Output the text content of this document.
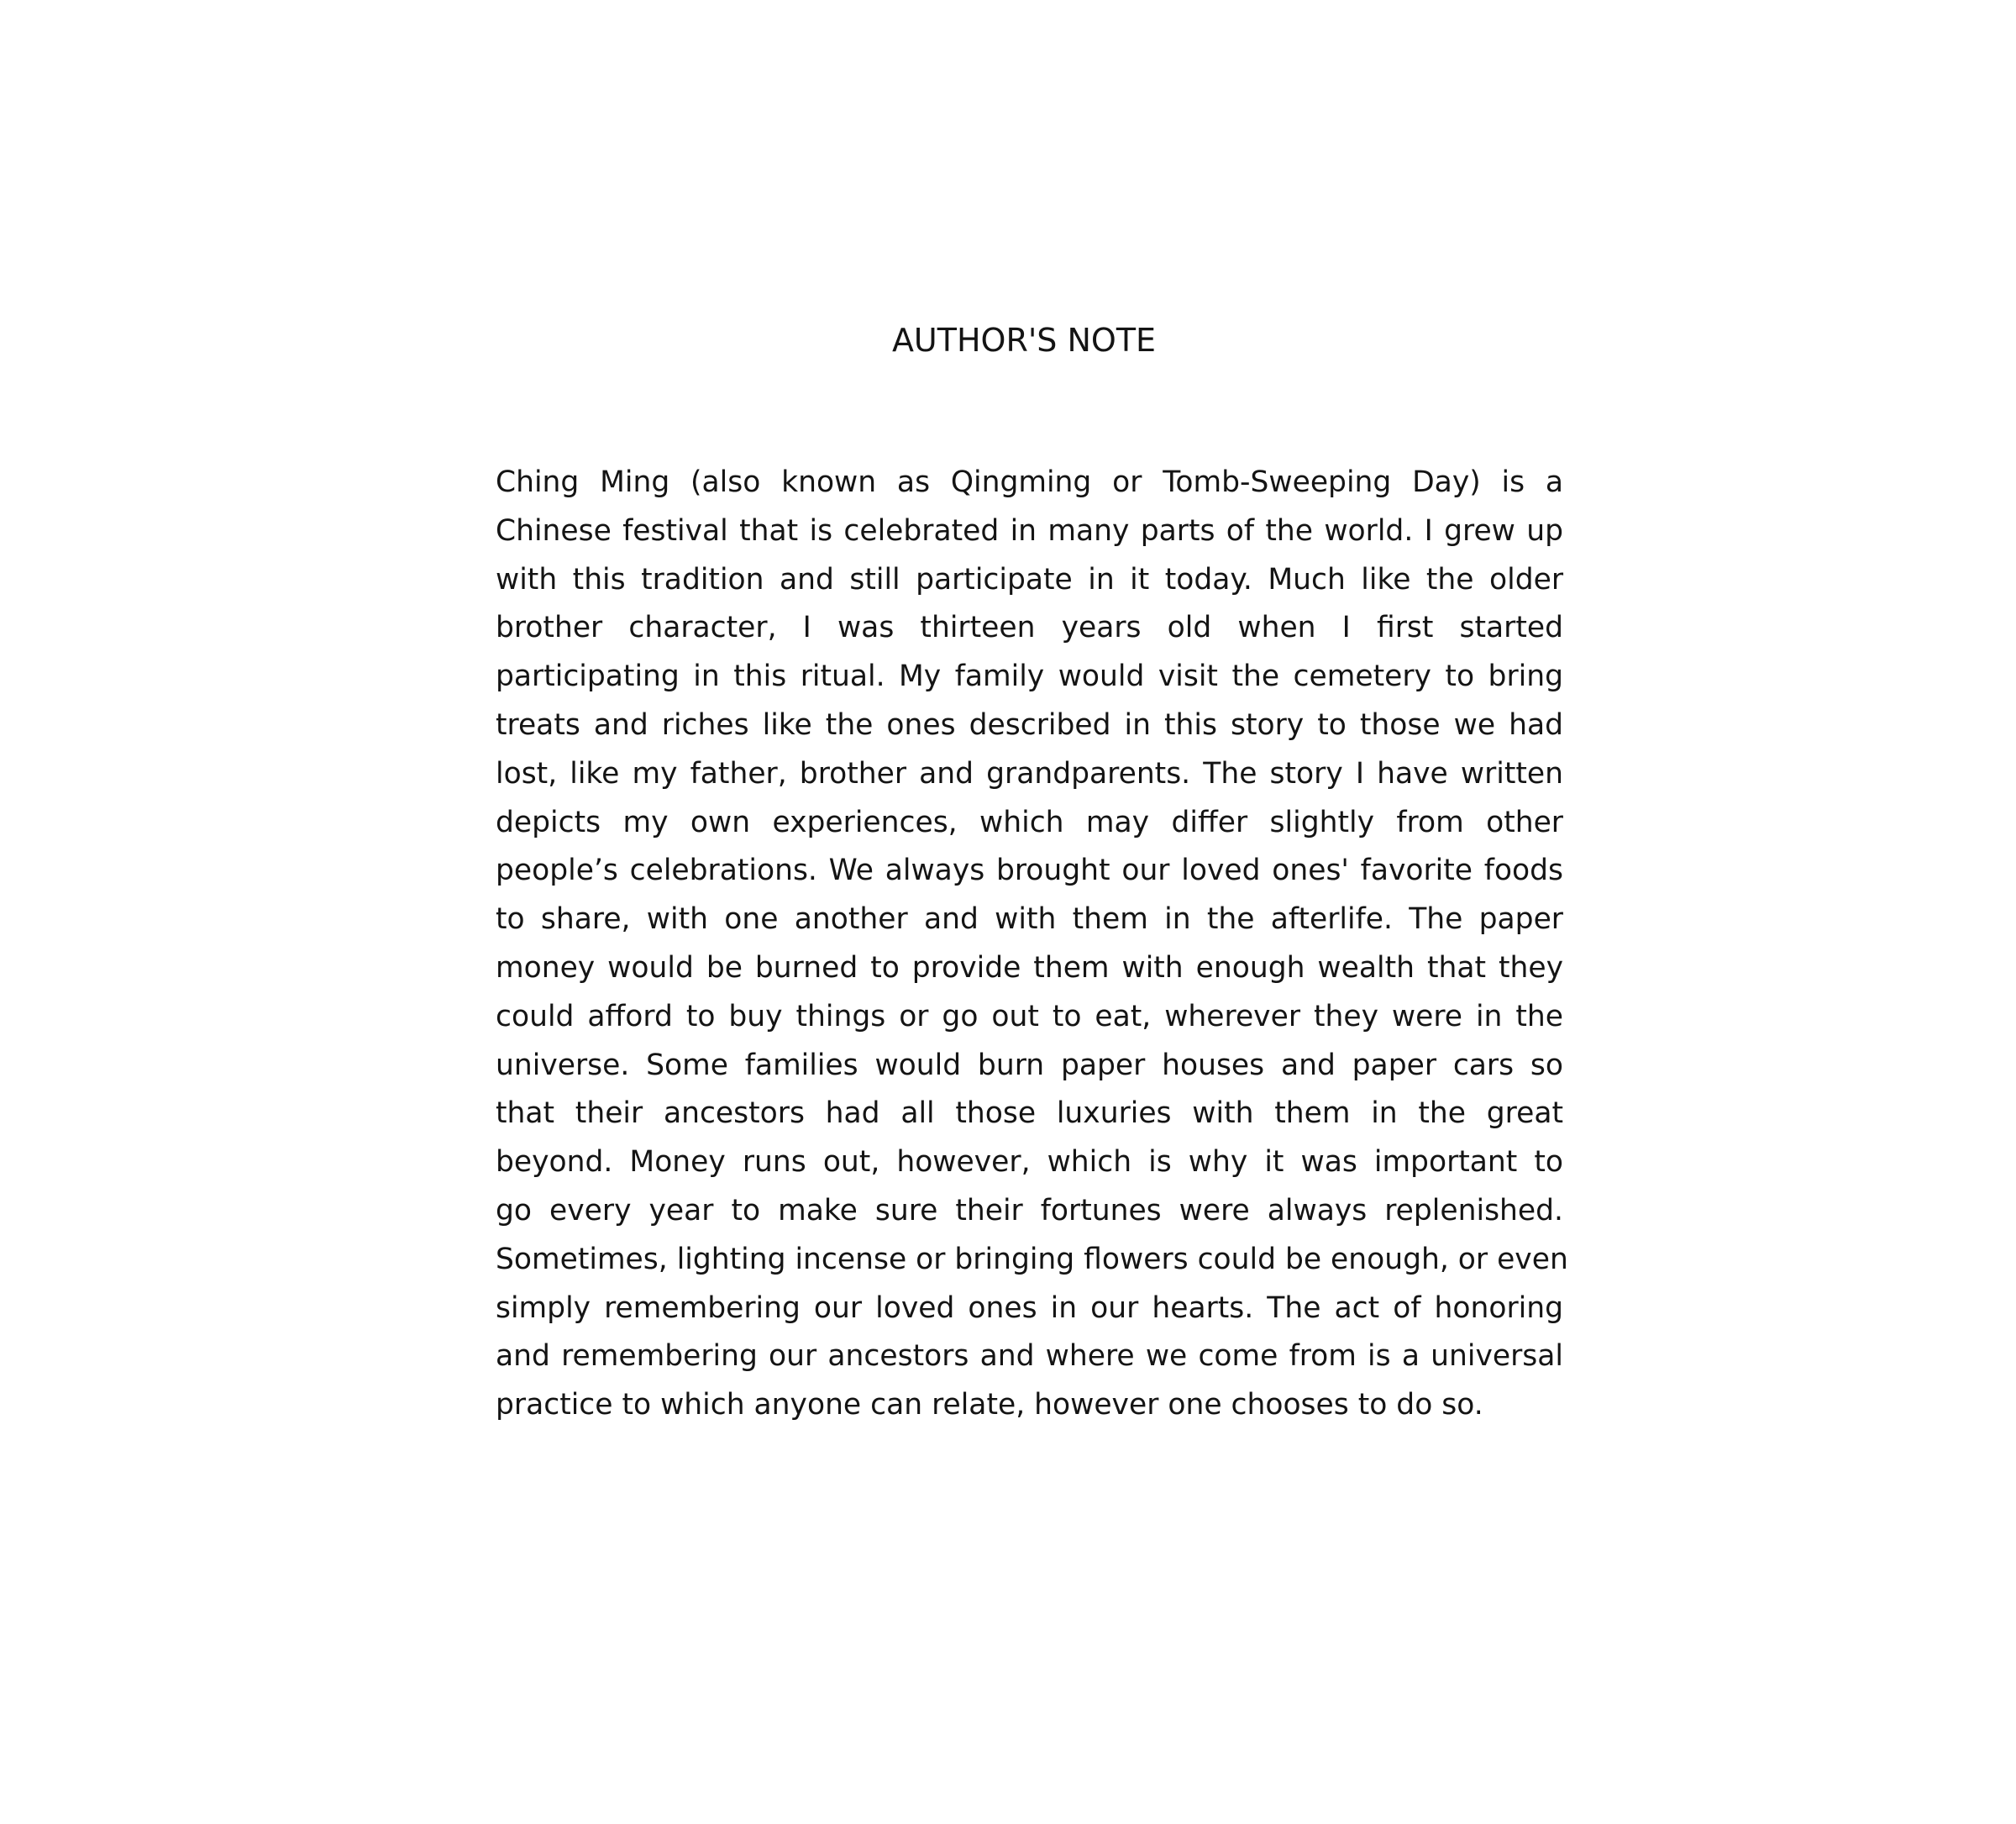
AUTHOR'S NOTE
Ching Ming (also known as Qingming or Tomb-Sweeping Day) is a
Chinese festival that is celebrated in many parts of the world. I grew up
with this tradition and still participate in it today. Much like the older
brother character, I was thirteen years old when I first started
participating in this ritual. My family would visit the cemetery to bring
treats and riches like the ones described in this story to those we had
lost, like my father, brother and grandparents. The story I have written
depicts my own experiences, which may differ slightly from other
people’s celebrations. We always brought our loved ones' favorite foods
to share, with one another and with them in the afterlife. The paper
money would be burned to provide them with enough wealth that they
could afford to buy things or go out to eat, wherever they were in the
universe. Some families would burn paper houses and paper cars so
that their ancestors had all those luxuries with them in the great
beyond. Money runs out, however, which is why it was important to
go every year to make sure their fortunes were always replenished.
Sometimes, lighting incense or bringing flowers could be enough, or even
simply remembering our loved ones in our hearts. The act of honoring
and remembering our ancestors and where we come from is a universal
practice to which anyone can relate, however one chooses to do so.
